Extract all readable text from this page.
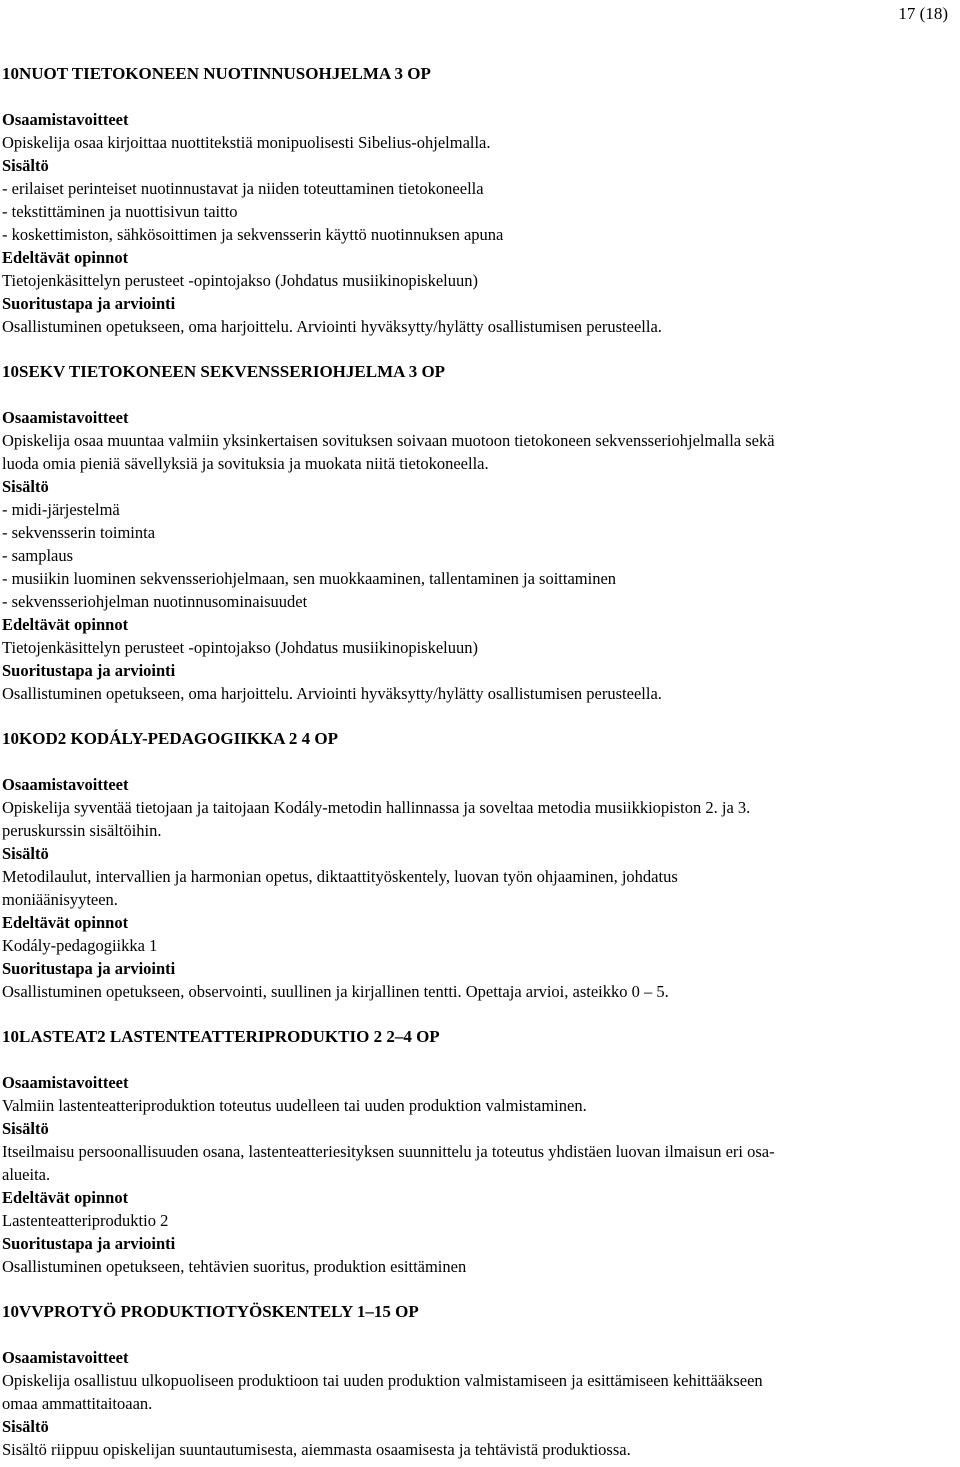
17 (18)

10NUOT TIETOKONEEN NUOTINNUSOHJELMA 3 OP

Osaamistavoitteet

Opiskelija osaa kirjoittaa nuottitekstiä monipuolisesti Sibelius-ohjelmalla.

Sisältö

- erilaiset perinteiset nuotinnustavat ja niiden toteuttaminen tietokoneella
- tekstittäminen ja nuottisivun taitto
- koskettimiston, sähkösoittimen ja sekvensserin käyttö nuotinnuksen apuna

Edeltävät opinnot

Tietojenkäsittelyn perusteet -opintojakso (Johdatus musiikinopiskeluun)

Suoritustapa ja arviointi

Osallistuminen opetukseen, oma harjoittelu. Arviointi hyväksytty/hylätty osallistumisen perusteella.

10SEKV TIETOKONEEN SEKVENSSERIOHJELMA 3 OP

Osaamistavoitteet

Opiskelija osaa muuntaa valmiin yksinkertaisen sovituksen soivaan muotoon tietokoneen sekvensseriohjelmalla sekä
luoda omia pieniä sävellyksiä ja sovituksia ja muokata niitä tietokoneella.

Sisältö

- midi-järjestelmä
- sekvensserin toiminta
- samplaus
- musiikin luominen sekvensseriohjelmaan, sen muokkaaminen, tallentaminen ja soittaminen
- sekvensseriohjelman nuotinnusominaisuudet

Edeltävät opinnot

Tietojenkäsittelyn perusteet -opintojakso (Johdatus musiikinopiskeluun)

Suoritustapa ja arviointi

Osallistuminen opetukseen, oma harjoittelu. Arviointi hyväksytty/hylätty osallistumisen perusteella.

10KOD2 KODÁLY-PEDAGOGIIKKA 2 4 OP

Osaamistavoitteet

Opiskelija syventää tietojaan ja taitojaan Kodály-metodin hallinnassa ja soveltaa metodia musiikkiopiston 2. ja 3.
peruskurssin sisältöihin.

Sisältö

Metodilaulut, intervallien ja harmonian opetus, diktaattityöskentely, luovan työn ohjaaminen, johdatus
moniäänisyyteen.

Edeltävät opinnot

Kodály-pedagogiikka 1

Suoritustapa ja arviointi

Osallistuminen opetukseen, observointi, suullinen ja kirjallinen tentti. Opettaja arvioi, asteikko 0 – 5.

10LASTEAT2 LASTENTEATTERIPRODUKTIO 2 2–4 OP

Osaamistavoitteet

Valmiin lastenteatteriproduktion toteutus uudelleen tai uuden produktion valmistaminen.

Sisältö

Itseilmaisu persoonallisuuden osana, lastenteatteriesityksen suunnittelu ja toteutus yhdistäen luovan ilmaisun eri osa-
alueita.

Edeltävät opinnot

Lastenteatteriproduktio 2

Suoritustapa ja arviointi

Osallistuminen opetukseen, tehtävien suoritus, produktion esittäminen

10VVPROTYÖ PRODUKTIOTYÖSKENTELY 1–15 OP

Osaamistavoitteet

Opiskelija osallistuu ulkopuoliseen produktioon tai uuden produktion valmistamiseen ja esittämiseen kehittääkseen
omaa ammattitaitoaan.

Sisältö

Sisältö riippuu opiskelijan suuntautumisesta, aiemmasta osaamisesta ja tehtävistä produktiossa.
